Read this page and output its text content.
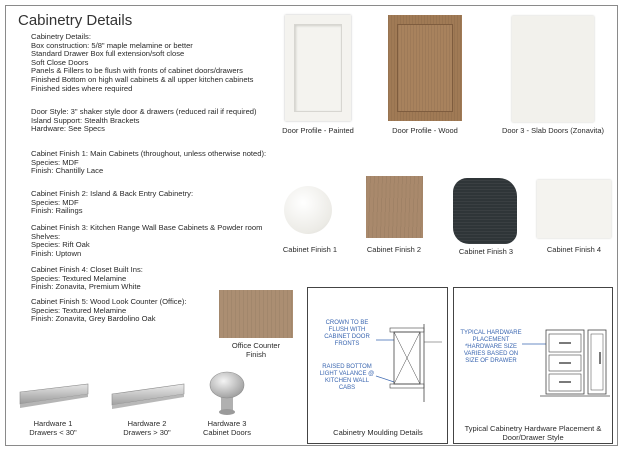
Cabinetry Details
Cabinetry Details:
Box construction: 5/8" maple melamine or better
Standard Drawer Box full extension/soft close
Soft Close Doors
Panels & Fillers to be flush with fronts of cabinet doors/drawers
Finished Bottom on high wall cabinets & all upper kitchen cabinets
Finished sides where required
Door Style: 3" shaker style door & drawers (reduced rail if required)
Island Support: Stealth Brackets
Hardware: See Specs
Cabinet Finish 1: Main Cabinets (throughout, unless otherwise noted):
Species: MDF
Finish: Chantilly Lace
Cabinet Finish 2: Island & Back Entry Cabinetry:
Species: MDF
Finish: Railings
Cabinet Finish 3: Kitchen Range Wall Base Cabinets & Powder room Shelves:
Species: Rift Oak
Finish: Uptown
Cabinet Finish 4: Closet Built Ins:
Species: Textured Melamine
Finish: Zonavita, Premium White
Cabinet Finish 5: Wood Look Counter (Office):
Species: Textured Melamine
Finish: Zonavita, Grey Bardolino Oak
Door Profile - Painted	Door Profile - Wood	Door 3 - Slab Doors (Zonavita)
Cabinet Finish 1	Cabinet Finish 2	Cabinet Finish 3	Cabinet Finish 4
Office Counter
Finish
Hardware 1
Drawers < 30"
Hardware 2
Drawers > 30"
Hardware 3
Cabinet Doors
CROWN TO BE
FLUSH WITH
CABINET DOOR
FRONTS
RAISED BOTTOM
LIGHT VALANCE @
KITCHEN WALL
CABS
Cabinetry Moulding Details
TYPICAL HARDWARE
PLACEMENT
*HARDWARE SIZE
VARIES BASED ON
SIZE OF DRAWER
Typical Cabinetry Hardware Placement &
Door/Drawer Style
